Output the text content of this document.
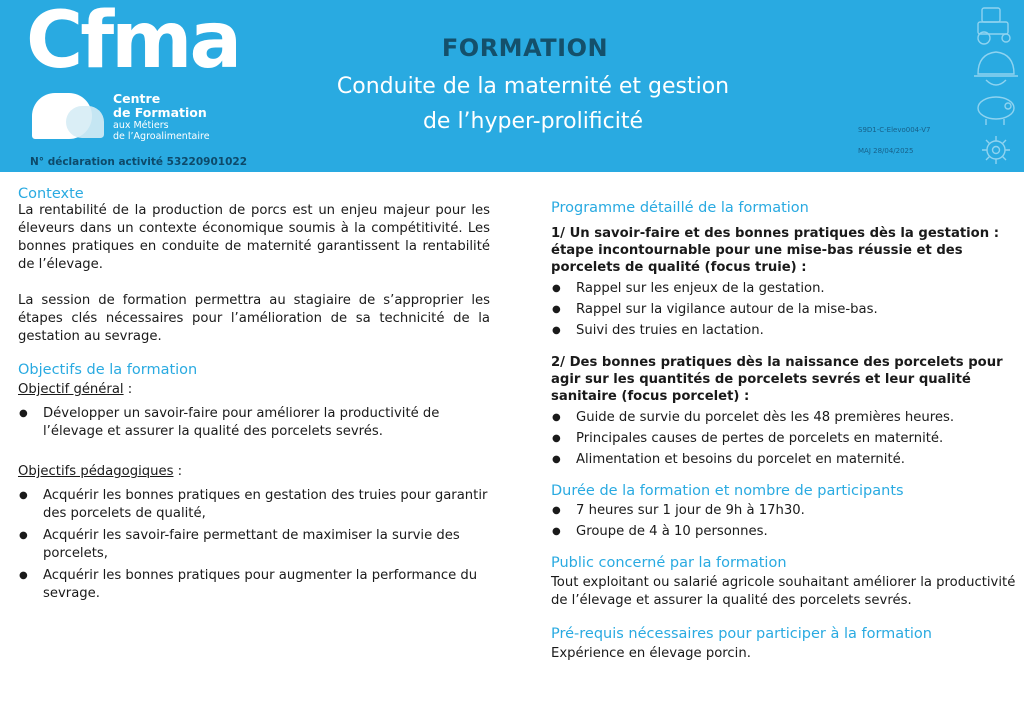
Cfma
Centre
de Formation
aux Métiers
de l’Agroalimentaire
N° déclaration activité 53220901022
FORMATION
Conduite de la maternité et gestion
de l’hyper-prolificité	S9D1-C-Elevo004-V7
MAJ 28/04/2025
Contexte

La rentabilité de la production de porcs est un enjeu majeur pour les éleveurs dans un contexte économique soumis à la compétitivité. Les bonnes pratiques en conduite de maternité garantissent la rentabilité de l’élevage.

La session de formation permettra au stagiaire de s’approprier les étapes clés nécessaires pour l’amélioration de sa technicité de la gestation au sevrage.

Objectifs de la formation
Objectif général :
● Développer un savoir-faire pour améliorer la productivité de l’élevage et assurer la qualité des porcelets sevrés.
Objectifs pédagogiques :
● Acquérir les bonnes pratiques en gestation des truies pour garantir des porcelets de qualité,
● Acquérir les savoir-faire permettant de maximiser la survie des porcelets,
● Acquérir les bonnes pratiques pour augmenter la performance du sevrage.
Programme détaillé de la formation

1/ Un savoir-faire et des bonnes pratiques dès la gestation : étape incontournable pour une mise-bas réussie et des porcelets de qualité (focus truie) :

● Rappel sur les enjeux de la gestation.
● Rappel sur la vigilance autour de la mise-bas.
● Suivi des truies en lactation.

2/ Des bonnes pratiques dès la naissance des porcelets pour agir sur les quantités de porcelets sevrés et leur qualité sanitaire (focus porcelet) :

● Guide de survie du porcelet dès les 48 premières heures.
● Principales causes de pertes de porcelets en maternité.
● Alimentation et besoins du porcelet en maternité.
Durée de la formation et nombre de participants
● 7 heures sur 1 jour de 9h à 17h30.
● Groupe de 4 à 10 personnes.
Public concerné par la formation

Tout exploitant ou salarié agricole souhaitant améliorer la productivité de l’élevage et assurer la qualité des porcelets sevrés.

Pré-requis nécessaires pour participer à la formation

Expérience en élevage porcin.
